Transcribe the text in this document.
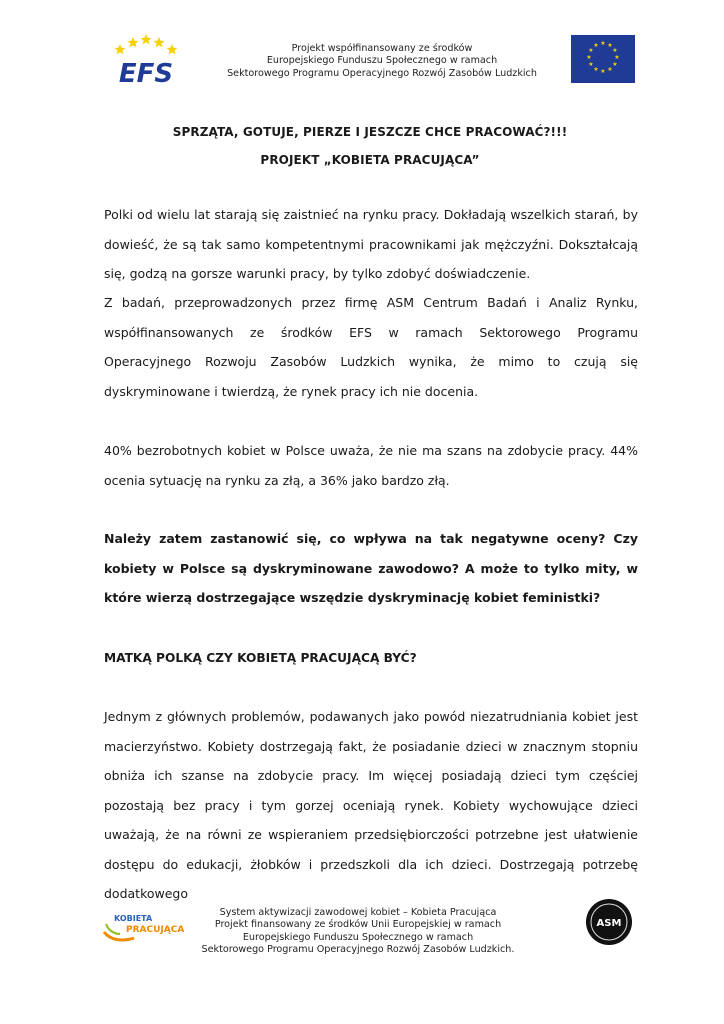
EFS
Projekt współfinansowany ze środków
Europejskiego Funduszu Społecznego w ramach
Sektorowego Programu Operacyjnego Rozwój Zasobów Ludzkich
★ ★
★
★
★
★
★
★
★
★
★
★
SPRZĄTA, GOTUJE, PIERZE I JESZCZE CHCE PRACOWAĆ?!!!
PROJEKT „KOBIETA PRACUJĄCA”

Polki od wielu lat starają się zaistnieć na rynku pracy. Dokładają wszelkich starań, by dowieść, że są tak samo kompetentnymi pracownikami jak mężczyźni. Dokształcają się, godzą na gorsze warunki pracy, by tylko zdobyć doświadczenie.

Z badań, przeprowadzonych przez firmę ASM Centrum Badań i Analiz Rynku, współfinansowanych ze środków EFS w ramach Sektorowego Programu Operacyjnego Rozwoju Zasobów Ludzkich wynika, że mimo to czują się dyskryminowane i twierdzą, że rynek pracy ich nie docenia.

40% bezrobotnych kobiet w Polsce uważa, że nie ma szans na zdobycie pracy. 44% ocenia sytuację na rynku za złą, a 36% jako bardzo złą.

Należy zatem zastanowić się, co wpływa na tak negatywne oceny? Czy kobiety w Polsce są dyskryminowane zawodowo? A może to tylko mity, w które wierzą dostrzegające wszędzie dyskryminację kobiet feministki?

MATKĄ POLKĄ CZY KOBIETĄ PRACUJĄCĄ BYĆ?

Jednym z głównych problemów, podawanych jako powód niezatrudniania kobiet jest macierzyństwo. Kobiety dostrzegają fakt, że posiadanie dzieci w znacznym stopniu obniża ich szanse na zdobycie pracy. Im więcej posiadają dzieci tym częściej pozostają bez pracy i tym gorzej oceniają rynek. Kobiety wychowujące dzieci uważają, że na równi ze wspieraniem przedsiębiorczości potrzebne jest ułatwienie dostępu do edukacji, żłobków i przedszkoli dla ich dzieci. Dostrzegają potrzebę dodatkowego

KOBIETA
PRACUJĄCA
System aktywizacji zawodowej kobiet – Kobieta Pracująca
Projekt finansowany ze środków Unii Europejskiej w ramach
Europejskiego Funduszu Społecznego w ramach
Sektorowego Programu Operacyjnego Rozwój Zasobów Ludzkich.
ASM
